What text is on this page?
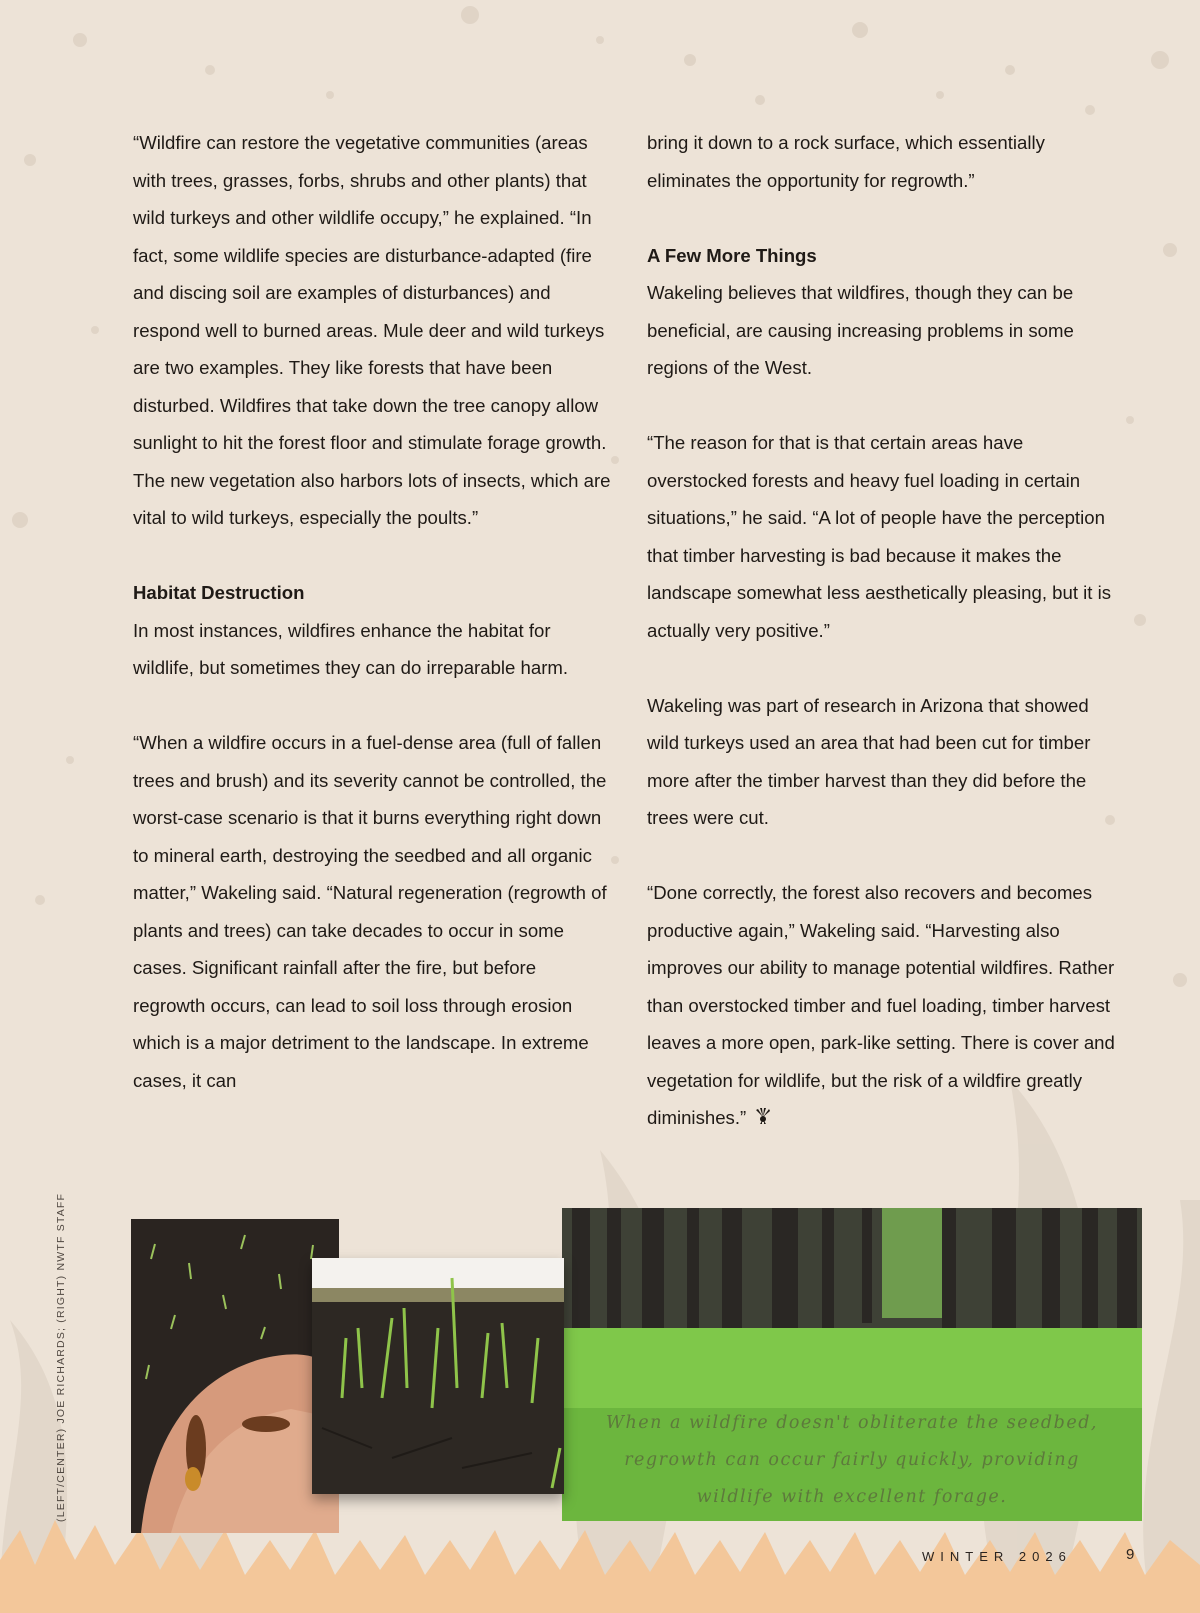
“Wildfire can restore the vegetative communities (areas with trees, grasses, forbs, shrubs and other plants) that wild turkeys and other wildlife occupy,” he explained. “In fact, some wildlife species are disturbance-adapted (fire and discing soil are examples of disturbances) and respond well to burned areas. Mule deer and wild turkeys are two examples. They like forests that have been disturbed. Wildfires that take down the tree canopy allow sunlight to hit the forest floor and stimulate forage growth. The new vegetation also harbors lots of insects, which are vital to wild turkeys, especially the poults.”

Habitat Destruction

In most instances, wildfires enhance the habitat for wildlife, but sometimes they can do irreparable harm.

“When a wildfire occurs in a fuel-dense area (full of fallen trees and brush) and its severity cannot be controlled, the worst-case scenario is that it burns everything right down to mineral earth, destroying the seedbed and all organic matter,” Wakeling said. “Natural regeneration (regrowth of plants and trees) can take decades to occur in some cases. Significant rainfall after the fire, but before regrowth occurs, can lead to soil loss through erosion which is a major detriment to the landscape. In extreme cases, it can

bring it down to a rock surface, which essentially eliminates the opportunity for regrowth.”

A Few More Things

Wakeling believes that wildfires, though they can be beneficial, are causing increasing problems in some regions of the West.

“The reason for that is that certain areas have overstocked forests and heavy fuel loading in certain situations,” he said. “A lot of people have the perception that timber harvesting is bad because it makes the landscape somewhat less aesthetically pleasing, but it is actually very positive.”

Wakeling was part of research in Arizona that showed wild turkeys used an area that had been cut for timber more after the timber harvest than they did before the trees were cut.

“Done correctly, the forest also recovers and becomes productive again,” Wakeling said. “Harvesting also improves our ability to manage potential wildfires. Rather than overstocked timber and fuel loading, timber harvest leaves a more open, park-like setting. There is cover and vegetation for wildlife, but the risk of a wildfire greatly diminishes.”

(LEFT/CENTER) JOE RICHARDS; (RIGHT) NWTF STAFF	When a wildfire doesn't obliterate the seedbed, regrowth can occur fairly quickly, providing wildlife with excellent forage.
WINTER 2026	9
